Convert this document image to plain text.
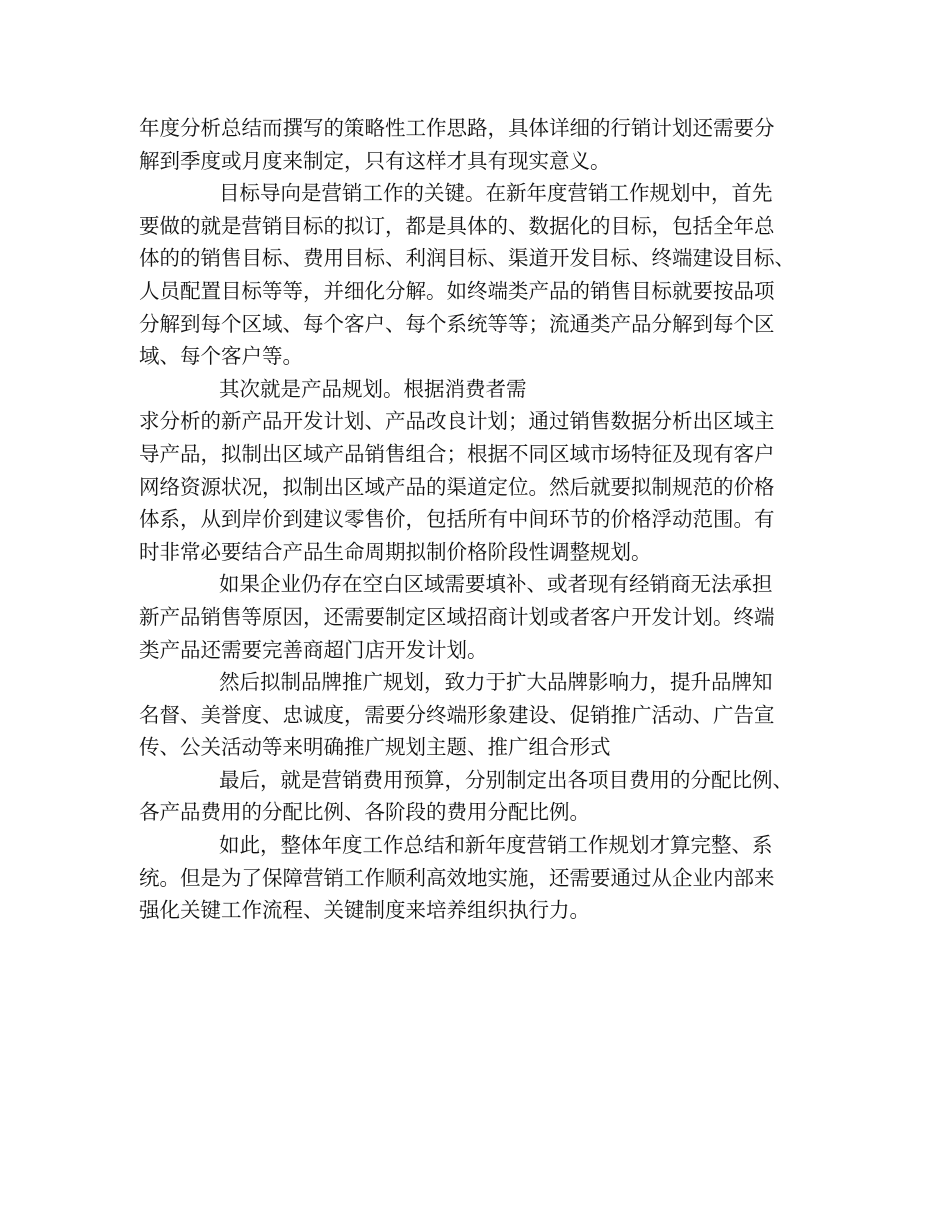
年度分析总结而撰写的策略性工作思路，具体详细的行销计划还需要分
解到季度或月度来制定，只有这样才具有现实意义。
目标导向是营销工作的关键。在新年度营销工作规划中，首先
要做的就是营销目标的拟订，都是具体的、数据化的目标，包括全年总
体的的销售目标、费用目标、利润目标、渠道开发目标、终端建设目标、
人员配置目标等等，并细化分解。如终端类产品的销售目标就要按品项
分解到每个区域、每个客户、每个系统等等；流通类产品分解到每个区
域、每个客户等。
其次就是产品规划。根据消费者需
求分析的新产品开发计划、产品改良计划；通过销售数据分析出区域主
导产品，拟制出区域产品销售组合；根据不同区域市场特征及现有客户
网络资源状况，拟制出区域产品的渠道定位。然后就要拟制规范的价格
体系，从到岸价到建议零售价，包括所有中间环节的价格浮动范围。有
时非常必要结合产品生命周期拟制价格阶段性调整规划。
如果企业仍存在空白区域需要填补、或者现有经销商无法承担
新产品销售等原因，还需要制定区域招商计划或者客户开发计划。终端
类产品还需要完善商超门店开发计划。
然后拟制品牌推广规划，致力于扩大品牌影响力，提升品牌知
名督、美誉度、忠诚度，需要分终端形象建设、促销推广活动、广告宣
传、公关活动等来明确推广规划主题、推广组合形式
最后，就是营销费用预算，分别制定出各项目费用的分配比例、
各产品费用的分配比例、各阶段的费用分配比例。
如此，整体年度工作总结和新年度营销工作规划才算完整、系
统。但是为了保障营销工作顺利高效地实施，还需要通过从企业内部来
强化关键工作流程、关键制度来培养组织执行力。
